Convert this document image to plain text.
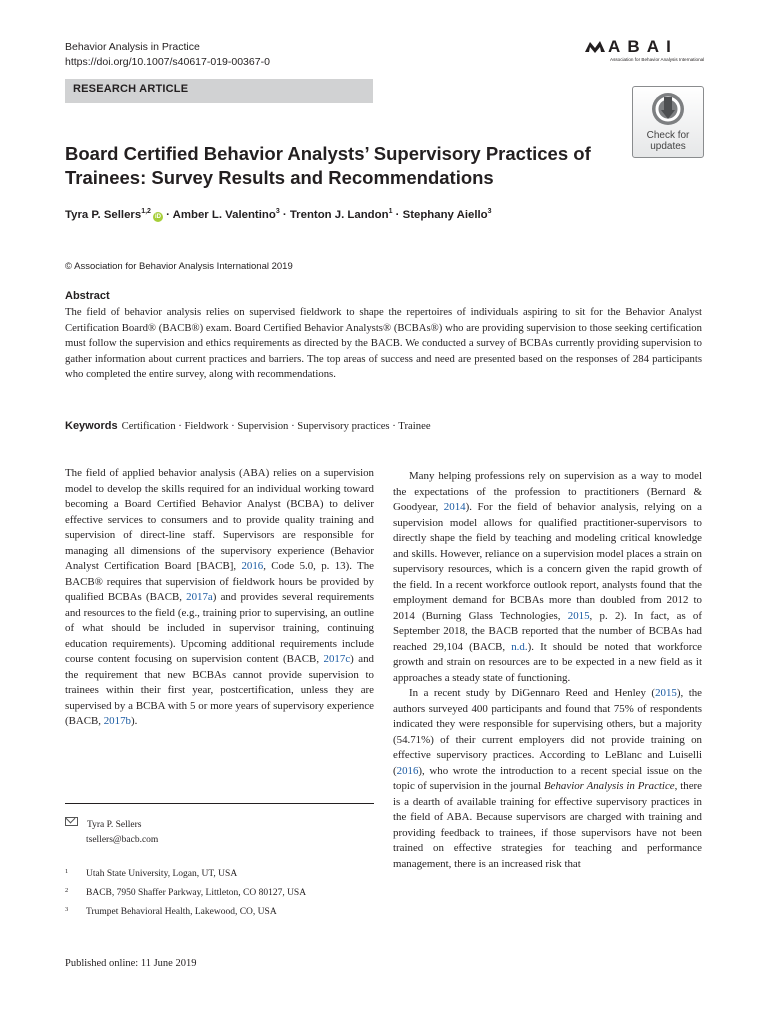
Behavior Analysis in Practice
https://doi.org/10.1007/s40617-019-00367-0
A B A I
Association for Behavior Analysis International
RESEARCH ARTICLE
Check for
updates
Board Certified Behavior Analysts’ Supervisory Practices of Trainees: Survey Results and Recommendations
Tyra P. Sellers$^{1,2}$iD · Amber L. Valentino$^3$ · Trenton J. Landon$^1$ · Stephany Aiello$^3$
© Association for Behavior Analysis International 2019
Abstract

The field of behavior analysis relies on supervised fieldwork to shape the repertoires of individuals aspiring to sit for the Behavior Analyst Certification Board® (BACB®) exam. Board Certified Behavior Analysts® (BCBAs®) who are providing supervision to those seeking certification must follow the supervision and ethics requirements as directed by the BACB. We conducted a survey of BCBAs currently providing supervision to gather information about current practices and barriers. The top areas of success and need are presented based on the responses of 284 participants who completed the entire survey, along with recommendations.

Keywords Certification · Fieldwork · Supervision · Supervisory practices · Trainee

The field of applied behavior analysis (ABA) relies on a supervision model to develop the skills required for an individual working toward becoming a Board Certified Behavior Analyst (BCBA) to deliver effective services to consumers and to provide quality training and supervision of direct-line staff. Supervisors are responsible for managing all dimensions of the supervisory experience (Behavior Analyst Certification Board [BACB], 2016, Code 5.0, p. 13). The BACB® requires that supervision of fieldwork hours be provided by qualified BCBAs (BACB, 2017a) and provides several requirements and resources to the field (e.g., training prior to supervising, an outline of what should be included in supervisor training, continuing education requirements). Upcoming additional requirements include course content focusing on supervision content (BACB, 2017c) and the requirement that new BCBAs cannot provide supervision to trainees within their first year, postcertification, unless they are supervised by a BCBA with 5 or more years of supervisory experience (BACB, 2017b).

Many helping professions rely on supervision as a way to model the expectations of the profession to practitioners (Bernard & Goodyear, 2014). For the field of behavior analysis, relying on a supervision model allows for qualified practitioner-supervisors to directly shape the field by teaching and modeling critical knowledge and skills. However, reliance on a supervision model places a strain on supervisory resources, which is a concern given the rapid growth of the field. In a recent workforce outlook report, analysts found that the employment demand for BCBAs more than doubled from 2012 to 2014 (Burning Glass Technologies, 2015, p. 2). In fact, as of September 2018, the BACB reported that the number of BCBAs had reached 29,104 (BACB, n.d.). It should be noted that workforce growth and strain on resources are to be expected in a new field as it approaches a steady state of functioning.

In a recent study by DiGennaro Reed and Henley (2015), the authors surveyed 400 participants and found that 75% of respondents indicated they were responsible for supervising others, but a majority (54.71%) of their current employers did not provide training on effective supervisory practices. According to LeBlanc and Luiselli (2016), who wrote the introduction to a recent special issue on the topic of supervision in the journal Behavior Analysis in Practice, there is a dearth of available training for effective supervisory practices in the field of ABA. Because supervisors are charged with training and providing feedback to trainees, if those supervisors have not been trained on effective strategies for teaching and performance management, there is an increased risk that

Tyra P. Sellers
tsellers@bacb.com
1 Utah State University, Logan, UT, USA
2 BACB, 7950 Shaffer Parkway, Littleton, CO 80127, USA
3 Trumpet Behavioral Health, Lakewood, CO, USA
Published online: 11 June 2019
